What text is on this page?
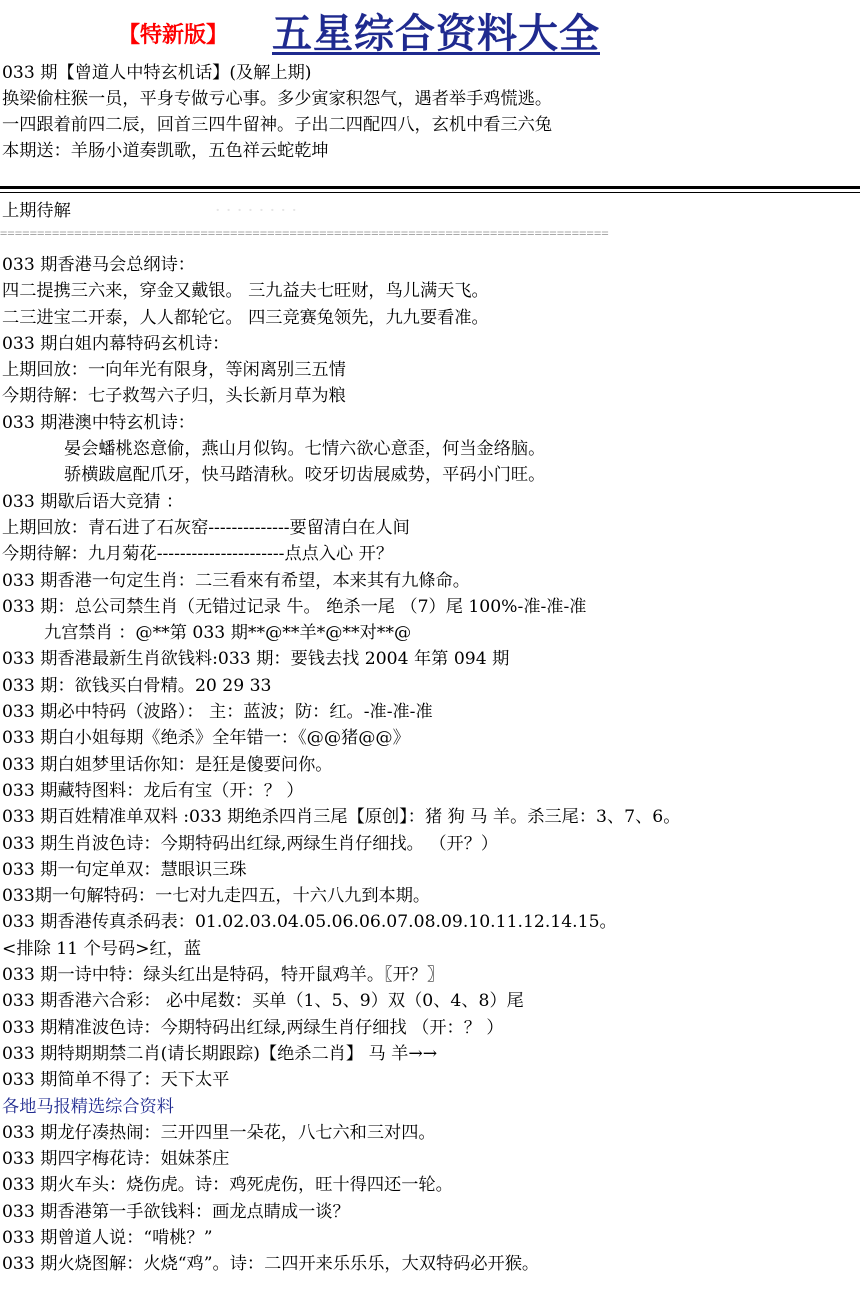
【特新版】 五星综合资料大全
033 期【曾道人中特玄机话】(及解上期)
换梁偷柱猴一员，平身专做亏心事。多少寅家积怨气，遇者举手鸡慌逃。
一四跟着前四二辰，回首三四牛留神。子出二四配四八，玄机中看三六兔
本期送：羊肠小道奏凯歌，五色祥云蛇乾坤
上期待解	· · · · · · · ·
==================================================================================
033 期香港马会总纲诗：
四二提携三六来，穿金又戴银。 三九益夫七旺财，鸟儿满天飞。
二三进宝二开泰，人人都轮它。 四三竞赛兔领先，九九要看准。
033 期白姐内幕特码玄机诗：
上期回放：一向年光有限身，等闲离别三五情
今期待解：七子救驾六子归，头长新月草为粮
033 期港澳中特玄机诗：
晏会蟠桃恣意偷，燕山月似钩。七情六欲心意歪，何当金络脑。
骄横跋扈配爪牙，快马踏清秋。咬牙切齿展威势，平码小门旺。
033 期歇后语大竞猜 ：
上期回放：青石进了石灰窑--------------要留清白在人间
今期待解：九月菊花----------------------点点入心 开？
033 期香港一句定生肖：二三看來有希望，本来其有九條命。
033 期：总公司禁生肖（无错过记录 牛。 绝杀一尾 （7）尾 100%-准-准-准
九宫禁肖 ：@**第 033 期**@**羊*@**对**@
033 期香港最新生肖欲钱料:033 期：要钱去找 2004 年第 094 期
033 期：欲钱买白骨精。20 29 33
033 期必中特码（波路）： 主：蓝波；防：红。-准-准-准
033 期白小姐每期《绝杀》全年错一：《@@猪@@》
033 期白姐梦里话你知：是狂是傻要问你。
033 期藏特图料：龙后有宝（开：？ ）
033 期百姓精准单双料 :033 期绝杀四肖三尾【原创】：猪 狗 马 羊。杀三尾：3、7、6。
033 期生肖波色诗：今期特码出红绿,两绿生肖仔细找。 （开？）
033 期一句定单双：慧眼识三珠
033期一句解特码：一七对九走四五，十六八九到本期。
033 期香港传真杀码表：01.02.03.04.05.06.06.07.08.09.10.11.12.14.15。
<排除 11 个号码>红，蓝
033 期一诗中特：绿头红出是特码，特开鼠鸡羊。〖开？〗
033 期香港六合彩： 必中尾数：买单（1、5、9）双（0、4、8）尾
033 期精准波色诗：今期特码出红绿,两绿生肖仔细找 （开：？ ）
033 期特期期禁二肖(请长期跟踪)【绝杀二肖】 马 羊→→
033 期简单不得了：天下太平
各地马报精选综合资料
033 期龙仔凑热闹：三开四里一朵花，八七六和三对四。
033 期四字梅花诗：姐妹茶庄
033 期火车头：烧伤虎。诗：鸡死虎伤，旺十得四还一轮。
033 期香港第一手欲钱料：画龙点睛成一谈？
033 期曾道人说：“啃桃？”
033 期火烧图解：火烧“鸡”。诗：二四开来乐乐乐，大双特码必开猴。
